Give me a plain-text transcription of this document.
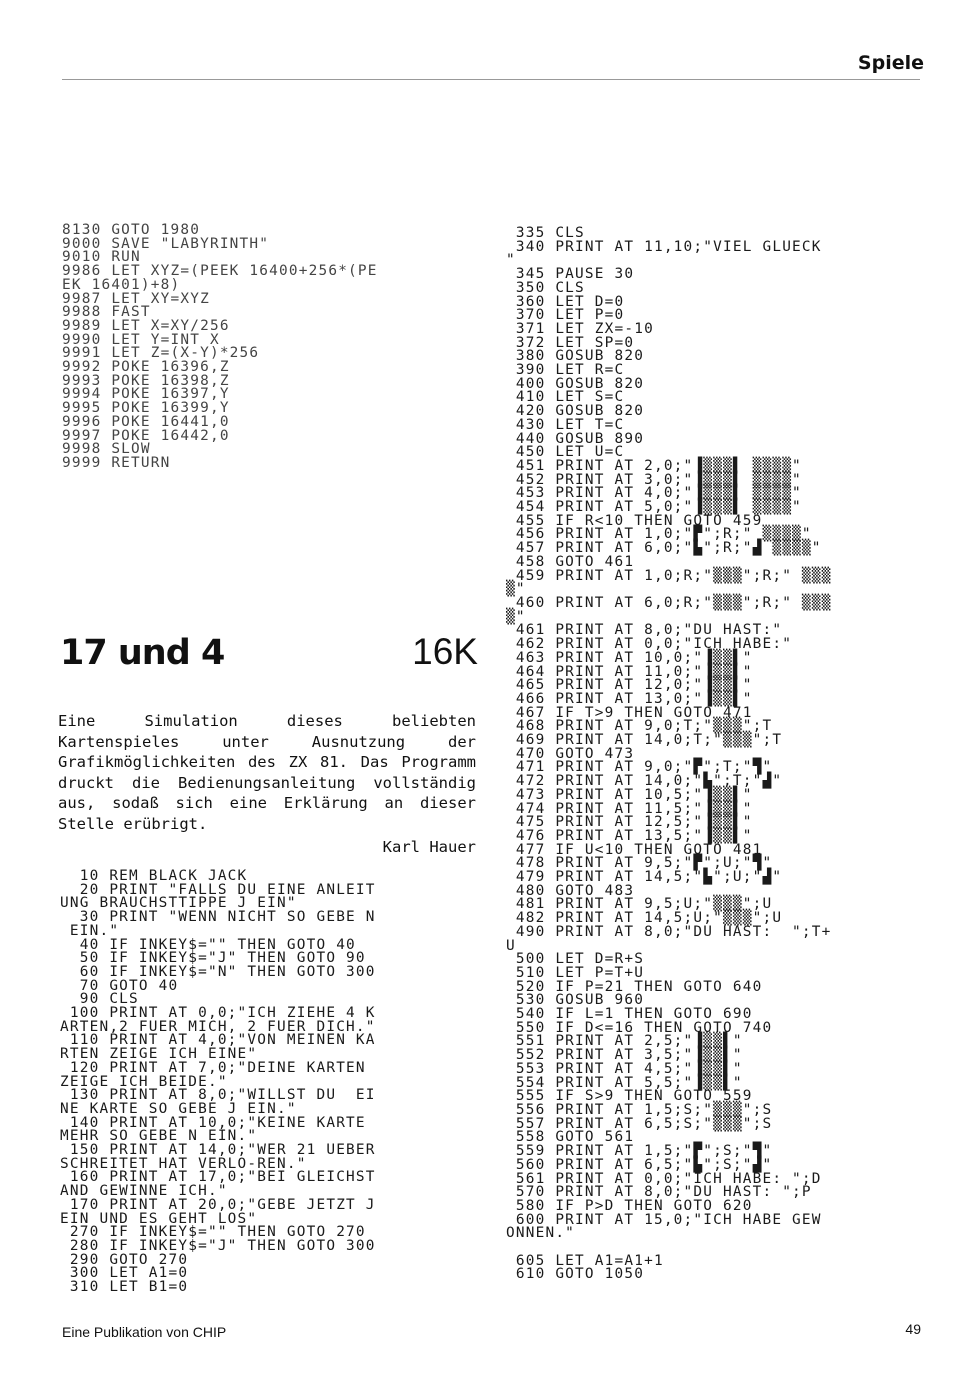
Spiele
8130 GOTO 1980
9000 SAVE "LABYRINTH"
9010 RUN
9986 LET XYZ=(PEEK 16400+256*(PE
EK 16401)+8)
9987 LET XY=XYZ
9988 FAST
9989 LET X=XY/256
9990 LET Y=INT X
9991 LET Z=(X-Y)*256
9992 POKE 16396,Z
9993 POKE 16398,Z
9994 POKE 16397,Y
9995 POKE 16399,Y
9996 POKE 16441,0
9997 POKE 16442,0
9998 SLOW
9999 RETURN
17 und 4	16K

Eine Simulation dieses beliebten Kartenspieles unter Ausnutzung der Grafikmöglichkeiten des ZX 81. Das Programm druckt die Bedienungsanleitung vollständig aus, sodaß sich eine Erklärung an dieser Stelle erübrigt.

Karl Hauer
10 REM BLACK JACK
20 PRINT "FALLS DU EINE ANLEIT
UNG BRAUCHSTTIPPE J EIN"
30 PRINT "WENN NICHT SO GEBE N
EIN."
40 IF INKEY$="" THEN GOTO 40
50 IF INKEY$="J" THEN GOTO 90
60 IF INKEY$="N" THEN GOTO 300
70 GOTO 40
90 CLS
100 PRINT AT 0,0;"ICH ZIEHE 4 K
ARTEN,2 FUER MICH, 2 FUER DICH."
110 PRINT AT 4,0;"VON MEINEN KA
RTEN ZEIGE ICH EINE"
120 PRINT AT 7,0;"DEINE KARTEN
ZEIGE ICH BEIDE."
130 PRINT AT 8,0;"WILLST DU  EI
NE KARTE SO GEBE J EIN."
140 PRINT AT 10,0;"KEINE KARTE
MEHR SO GEBE N EIN."
150 PRINT AT 14,0;"WER 21 UEBER
SCHREITET HAT VERLO-REN."
160 PRINT AT 17,0;"BEI GLEICHST
AND GEWINNE ICH."
170 PRINT AT 20,0;"GEBE JETZT J
EIN UND ES GEHT LOS"
270 IF INKEY$="" THEN GOTO 270
280 IF INKEY$="J" THEN GOTO 300
290 GOTO 270
300 LET A1=0
310 LET B1=0
335 CLS
340 PRINT AT 11,10;"VIEL GLUECK
"
345 PAUSE 30
350 CLS
360 LET D=0
370 LET P=0
371 LET ZX=-10
372 LET SP=0
380 GOSUB 820
390 LET R=C
400 GOSUB 820
410 LET S=C
420 GOSUB 820
430 LET T=C
440 GOSUB 890
450 LET U=C
451 PRINT AT 2,0;"▐▒▒▒▌ ▒▒▒▒"
452 PRINT AT 3,0;"▐▒▒▒▌ ▒▒▒▒"
453 PRINT AT 4,0;"▐▒▒▒▌ ▒▒▒▒"
454 PRINT AT 5,0;"▐▒▒▒▌ ▒▒▒▒"
455 IF R<10 THEN GOTO 459
456 PRINT AT 1,0;"▛";R;" ▒▒▒▒"
457 PRINT AT 6,0;"▙";R;"▟ ▒▒▒▒"
458 GOTO 461
459 PRINT AT 1,0;R;"▒▒▒";R;" ▒▒▒
▒"
460 PRINT AT 6,0;R;"▒▒▒";R;" ▒▒▒
▒"
461 PRINT AT 8,0;"DU HAST:"
462 PRINT AT 0,0;"ICH HABE:"
463 PRINT AT 10,0;"▐▒▒▌"
464 PRINT AT 11,0;"▐▒▒▌"
465 PRINT AT 12,0;"▐▒▒▌"
466 PRINT AT 13,0;"▐▒▒▌"
467 IF T>9 THEN GOTO 471
468 PRINT AT 9,0;T;"▒▒▒";T
469 PRINT AT 14,0;T;"▒▒▒";T
470 GOTO 473
471 PRINT AT 9,0;"▛";T;"▜"
472 PRINT AT 14,0;"▙";T;"▟"
473 PRINT AT 10,5;"▐▒▒▌"
474 PRINT AT 11,5;"▐▒▒▌"
475 PRINT AT 12,5;"▐▒▒▌"
476 PRINT AT 13,5;"▐▒▒▌"
477 IF U<10 THEN GOTO 481
478 PRINT AT 9,5;"▛";U;"▜"
479 PRINT AT 14,5;"▙";U;"▟"
480 GOTO 483
481 PRINT AT 9,5;U;"▒▒▒";U
482 PRINT AT 14,5;U;"▒▒▒";U
490 PRINT AT 8,0;"DU HAST:  ";T+
U
500 LET D=R+S
510 LET P=T+U
520 IF P=21 THEN GOTO 640
530 GOSUB 960
540 IF L=1 THEN GOTO 690
550 IF D<=16 THEN GOTO 740
551 PRINT AT 2,5;"▐▒▒▌"
552 PRINT AT 3,5;"▐▒▒▌"
553 PRINT AT 4,5;"▐▒▒▌"
554 PRINT AT 5,5;"▐▒▒▌"
555 IF S>9 THEN GOTO 559
556 PRINT AT 1,5;S;"▒▒▒";S
557 PRINT AT 6,5;S;"▒▒▒";S
558 GOTO 561
559 PRINT AT 1,5;"▛";S;"▜"
560 PRINT AT 6,5;"▙";S;"▟"
561 PRINT AT 0,0;"ICH HABE: ";D
570 PRINT AT 8,0;"DU HAST: ";P
580 IF P>D THEN GOTO 620
600 PRINT AT 15,0;"ICH HABE GEW
ONNEN."

605 LET A1=A1+1
610 GOTO 1050
Eine Publikation von CHIP	49
